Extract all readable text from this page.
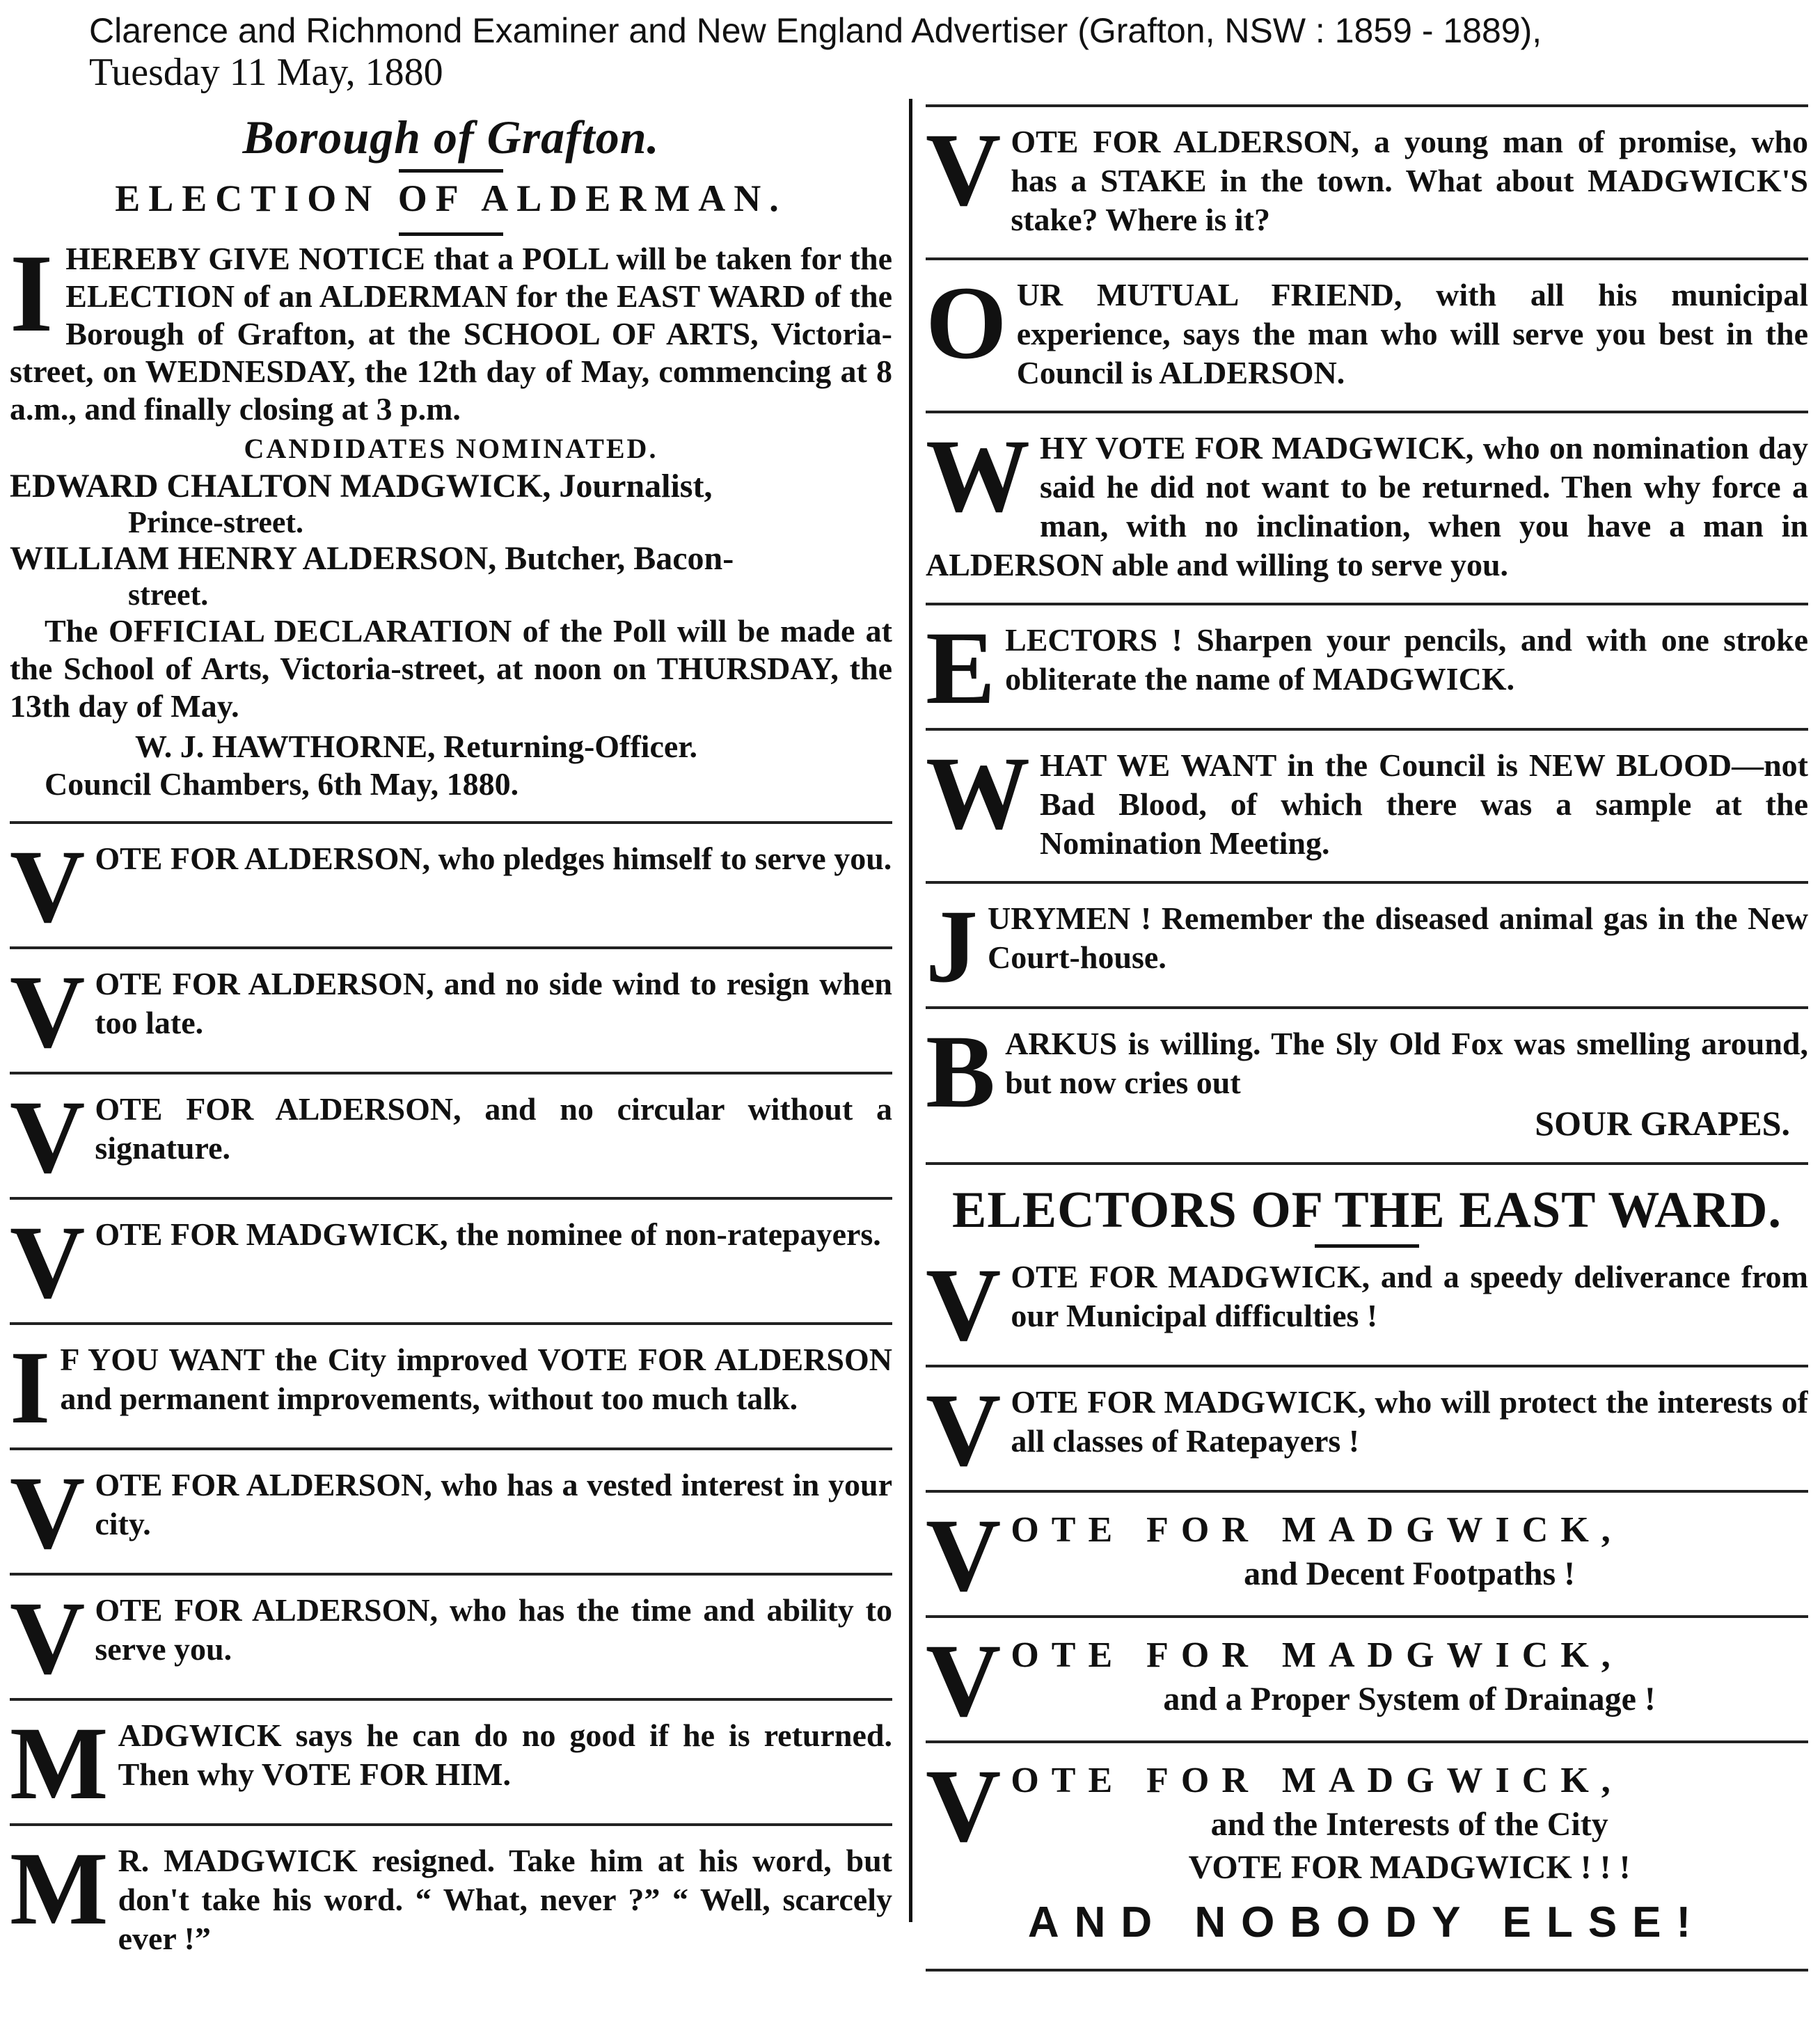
Clarence and Richmond Examiner and New England Advertiser (Grafton, NSW : 1859 - 1889),
Tuesday 11 May, 1880
Borough of Grafton.
ELECTION OF ALDERMAN.
I HEREBY GIVE NOTICE that a POLL will be taken for the ELECTION of an ALDERMAN for the EAST WARD of the Borough of Grafton, at the SCHOOL OF ARTS, Victoria-street, on WEDNESDAY, the 12th day of May, commencing at 8 a.m., and finally closing at 3 p.m.

CANDIDATES NOMINATED.

EDWARD CHALTON MADGWICK, Journalist,

Prince-street.

WILLIAM HENRY ALDERSON, Butcher, Bacon-

street.

The OFFICIAL DECLARATION of the Poll will be made at the School of Arts, Victoria-street, at noon on THURSDAY, the 13th day of May.

W. J. HAWTHORNE, Returning-Officer.

Council Chambers, 6th May, 1880.

V OTE FOR ALDERSON, who pledges himself to serve you.

V OTE FOR ALDERSON, and no side wind to resign when too late.

V OTE FOR ALDERSON, and no circular without a signature.

V OTE FOR MADGWICK, the nominee of non-ratepayers.

I F YOU WANT the City improved VOTE FOR ALDERSON and permanent improvements, without too much talk.

V OTE FOR ALDERSON, who has a vested interest in your city.

V OTE FOR ALDERSON, who has the time and ability to serve you.

M ADGWICK says he can do no good if he is returned. Then why VOTE FOR HIM.

M R. MADGWICK resigned. Take him at his word, but don't take his word. “ What, never ?” “ Well, scarcely ever !”

V OTE FOR ALDERSON, a young man of promise, who has a STAKE in the town. What about MADGWICK'S stake? Where is it?

O UR MUTUAL FRIEND, with all his municipal experience, says the man who will serve you best in the Council is ALDERSON.

W HY VOTE FOR MADGWICK, who on nomination day said he did not want to be returned. Then why force a man, with no inclination, when you have a man in ALDERSON able and willing to serve you.

E LECTORS ! Sharpen your pencils, and with one stroke obliterate the name of MADGWICK.

W HAT WE WANT in the Council is NEW BLOOD—not Bad Blood, of which there was a sample at the Nomination Meeting.

J URYMEN ! Remember the diseased animal gas in the New Court-house.

B ARKUS is willing. The Sly Old Fox was smelling around, but now cries out

SOUR GRAPES.

ELECTORS OF THE EAST WARD.
V OTE FOR MADGWICK, and a speedy deliverance from our Municipal difficulties !

V OTE FOR MADGWICK, who will protect the interests of all classes of Ratepayers !

V OTE FOR MADGWICK,

and Decent Footpaths !

V OTE FOR MADGWICK,

and a Proper System of Drainage !

V OTE FOR MADGWICK,

and the Interests of the City

VOTE FOR MADGWICK ! ! !

AND NOBODY ELSE!
